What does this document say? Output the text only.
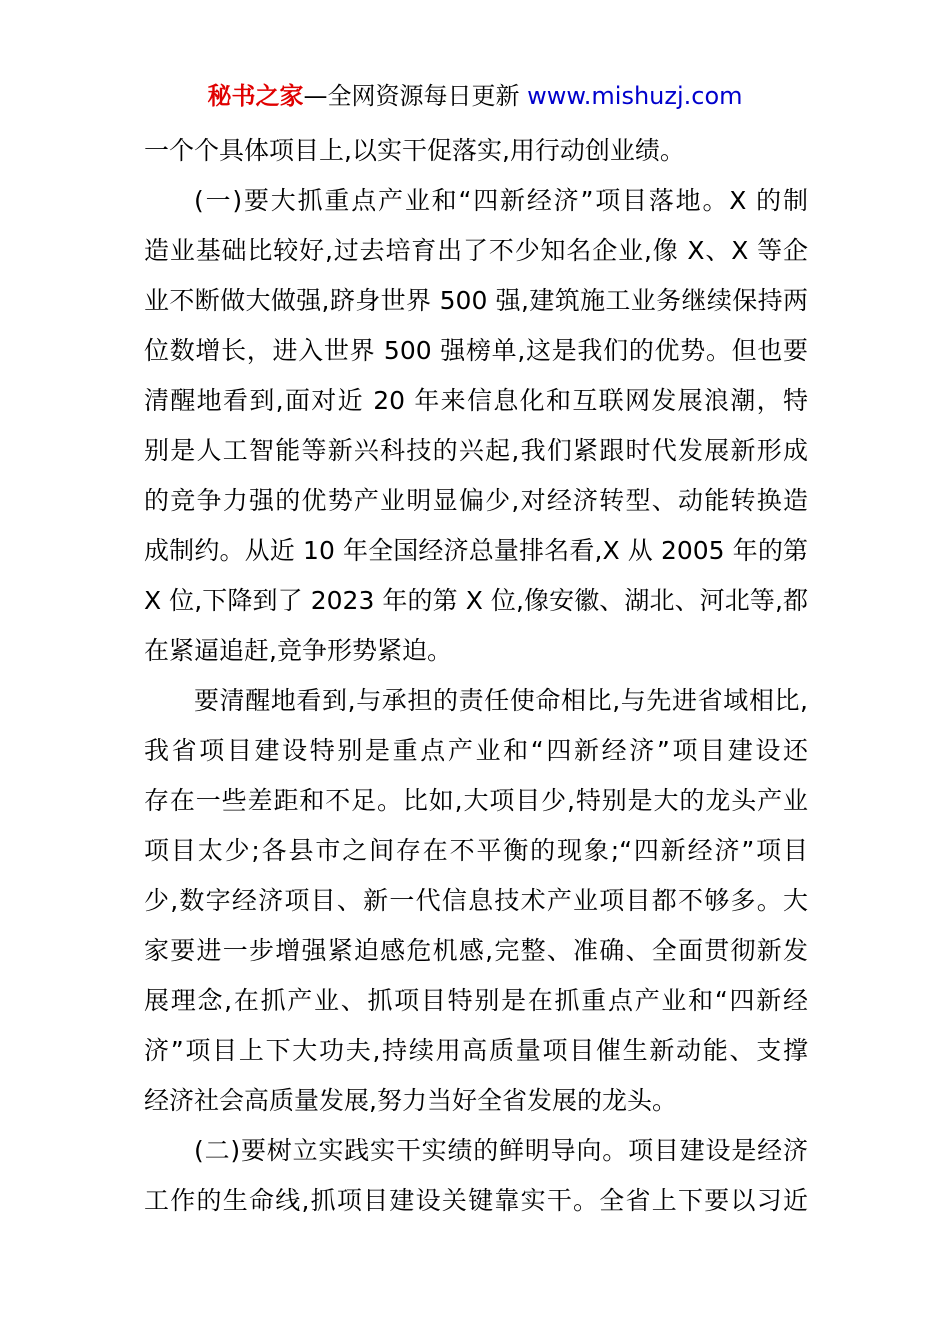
秘书之家—全网资源每日更新 www.mishuzj.com
一个个具体项目上,以实干促落实,用行动创业绩。
(一)要大抓重点产业和“四新经济”项目落地。X 的制
造业基础比较好,过去培育出了不少知名企业,像 X、X 等企
业不断做大做强,跻身世界 500 强,建筑施工业务继续保持两
位数增长，进入世界 500 强榜单,这是我们的优势。但也要
清醒地看到,面对近 20 年来信息化和互联网发展浪潮，特
别是人工智能等新兴科技的兴起,我们紧跟时代发展新形成
的竞争力强的优势产业明显偏少,对经济转型、动能转换造
成制约。从近 10 年全国经济总量排名看,X 从 2005 年的第
X 位,下降到了 2023 年的第 X 位,像安徽、湖北、河北等,都
在紧逼追赶,竞争形势紧迫。
要清醒地看到,与承担的责任使命相比,与先进省域相比,
我省项目建设特别是重点产业和“四新经济”项目建设还
存在一些差距和不足。比如,大项目少,特别是大的龙头产业
项目太少;各县市之间存在不平衡的现象;“四新经济”项目
少,数字经济项目、新一代信息技术产业项目都不够多。大
家要进一步增强紧迫感危机感,完整、准确、全面贯彻新发
展理念,在抓产业、抓项目特别是在抓重点产业和“四新经
济”项目上下大功夫,持续用高质量项目催生新动能、支撑
经济社会高质量发展,努力当好全省发展的龙头。
(二)要树立实践实干实绩的鲜明导向。项目建设是经济
工作的生命线,抓项目建设关键靠实干。全省上下要以习近
